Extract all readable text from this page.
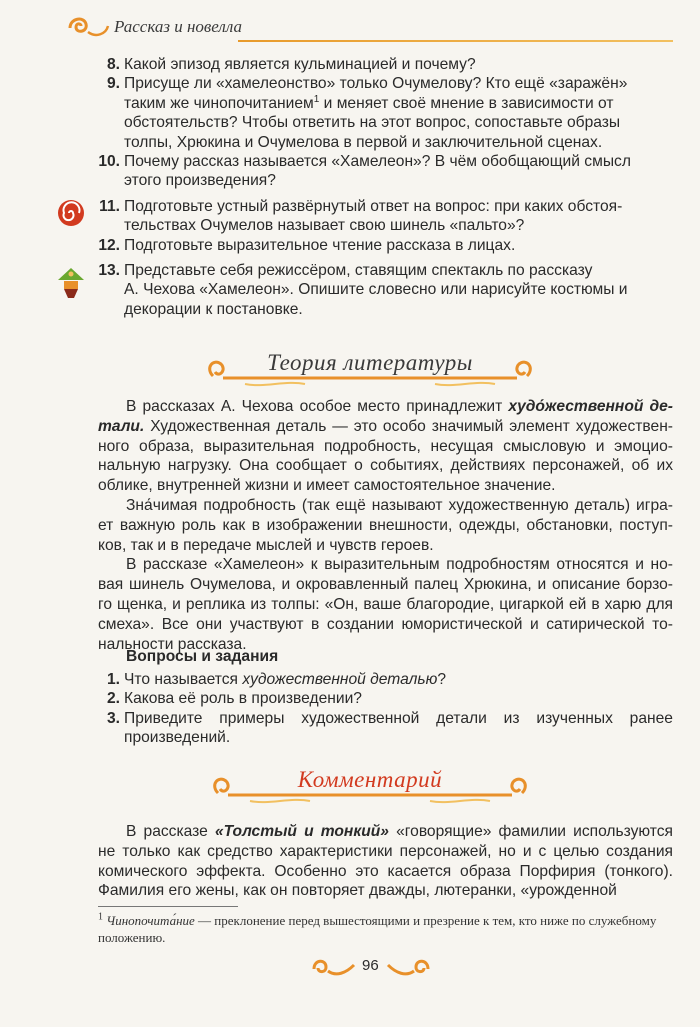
Рассказ и новелла
8. Какой эпизод является кульминацией и почему?
9. Присуще ли «хамелеонство» только Очумелову? Кто ещё «заражён»
таким же чинопочитанием$^1$ и меняет своё мнение в зависимости от
обстоятельств? Чтобы ответить на этот вопрос, сопоставьте образы
толпы, Хрюкина и Очумелова в первой и заключительной сценах.
10. Почему рассказ называется «Хамелеон»? В чём обобщающий смысл
этого произведения?
11. Подготовьте устный развёрнутый ответ на вопрос: при каких обстоя-
тельствах Очумелов называет свою шинель «пальто»?
12. Подготовьте выразительное чтение рассказа в лицах.
13. Представьте себя режиссёром, ставящим спектакль по рассказу
А. Чехова «Хамелеон». Опишите словесно или нарисуйте костюмы и
декорации к постановке.
Теория литературы

В рассказах А. Чехова особое место принадлежит худо́жественной де-тали. Художественная деталь — это особо значимый элемент художествен-ного образа, выразительная подробность, несущая смысловую и эмоцио-нальную нагрузку. Она сообщает о событиях, действиях персонажей, об их облике, внутренней жизни и имеет самостоятельное значение.

Зна́чимая подробность (так ещё называют художественную деталь) игра-ет важную роль как в изображении внешности, одежды, обстановки, поступ-ков, так и в передаче мыслей и чувств героев.

В рассказе «Хамелеон» к выразительным подробностям относятся и но-вая шинель Очумелова, и окровавленный палец Хрюкина, и описание борзо-го щенка, и реплика из толпы: «Он, ваше благородие, цигаркой ей в харю для смеха». Все они участвуют в создании юмористической и сатирической то-нальности рассказа.

Вопросы и задания
1. Что называется художественной деталью?
2. Какова её роль в произведении?
3. Приведите примеры художественной детали из изученных ранее произведений.
Комментарий

В рассказе «Толстый и тонкий» «говорящие» фамилии используются не только как средство характеристики персонажей, но и с целью создания комического эффекта. Особенно это касается образа Порфирия (тонкого). Фамилия его жены, как он повторяет дважды, лютеранки, «урожденной

$^1$ Чинопочита́ние — преклонение перед вышестоящими и презрение к тем, кто ниже по служебному положению.
96
